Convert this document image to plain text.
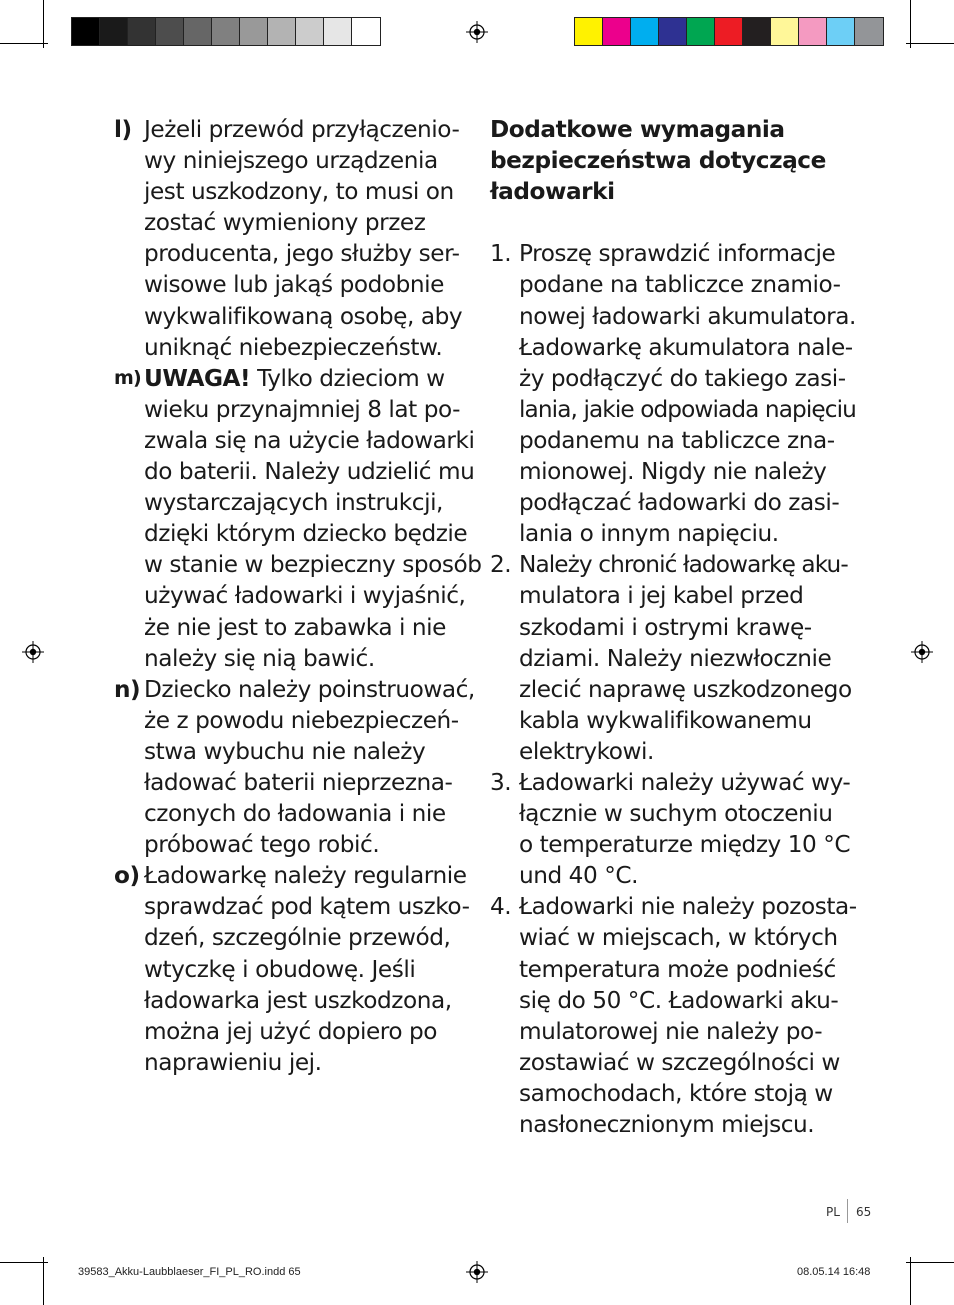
l) Jeżeli przewód przyłączenio-

wy niniejszego urządzenia

jest uszkodzony, to musi on

zostać wymieniony przez

producenta, jego służby ser-

wisowe lub jakąś podobnie

wykwalifikowaną osobę, aby

uniknąć niebezpieczeństw.

m) UWAGA! Tylko dzieciom w

wieku przynajmniej 8 lat po-

zwala się na użycie ładowarki

do baterii. Należy udzielić mu

wystarczających instrukcji,

dzięki którym dziecko będzie

w stanie w bezpieczny sposób

używać ładowarki i wyjaśnić,

że nie jest to zabawka i nie

należy się nią bawić.

n) Dziecko należy poinstruować,

że z powodu niebezpieczeń-

stwa wybuchu nie należy

ładować baterii nieprzezna-

czonych do ładowania i nie

próbować tego robić.

o) Ładowarkę należy regularnie

sprawdzać pod kątem uszko-

dzeń, szczególnie przewód,

wtyczkę i obudowę. Jeśli

ładowarka jest uszkodzona,

można jej użyć dopiero po

naprawieniu jej.

Dodatkowe wymagania

bezpieczeństwa dotyczące

ładowarki

1. Proszę sprawdzić informacje

podane na tabliczce znamio-

nowej ładowarki akumulatora.

Ładowarkę akumulatora nale-

ży podłączyć do takiego zasi-

lania, jakie odpowiada napięciu

podanemu na tabliczce zna-

mionowej. Nigdy nie należy

podłączać ładowarki do zasi-

lania o innym napięciu.

2. Należy chronić ładowarkę aku-

mulatora i jej kabel przed

szkodami i ostrymi krawę-

dziami. Należy niezwłocznie

zlecić naprawę uszkodzonego

kabla wykwalifikowanemu

elektrykowi.

3. Ładowarki należy używać wy-

łącznie w suchym otoczeniu

o temperaturze między 10 °C

und 40 °C.

4. Ładowarki nie należy pozosta-

wiać w miejscach, w których

temperatura może podnieść

się do 50 °C. Ładowarki aku-

mulatorowej nie należy po-

zostawiać w szczególności w

samochodach, które stoją w

nasłonecznionym miejscu.

PL 65
39583_Akku-Laubblaeser_FI_PL_RO.indd 65	08.05.14 16:48
